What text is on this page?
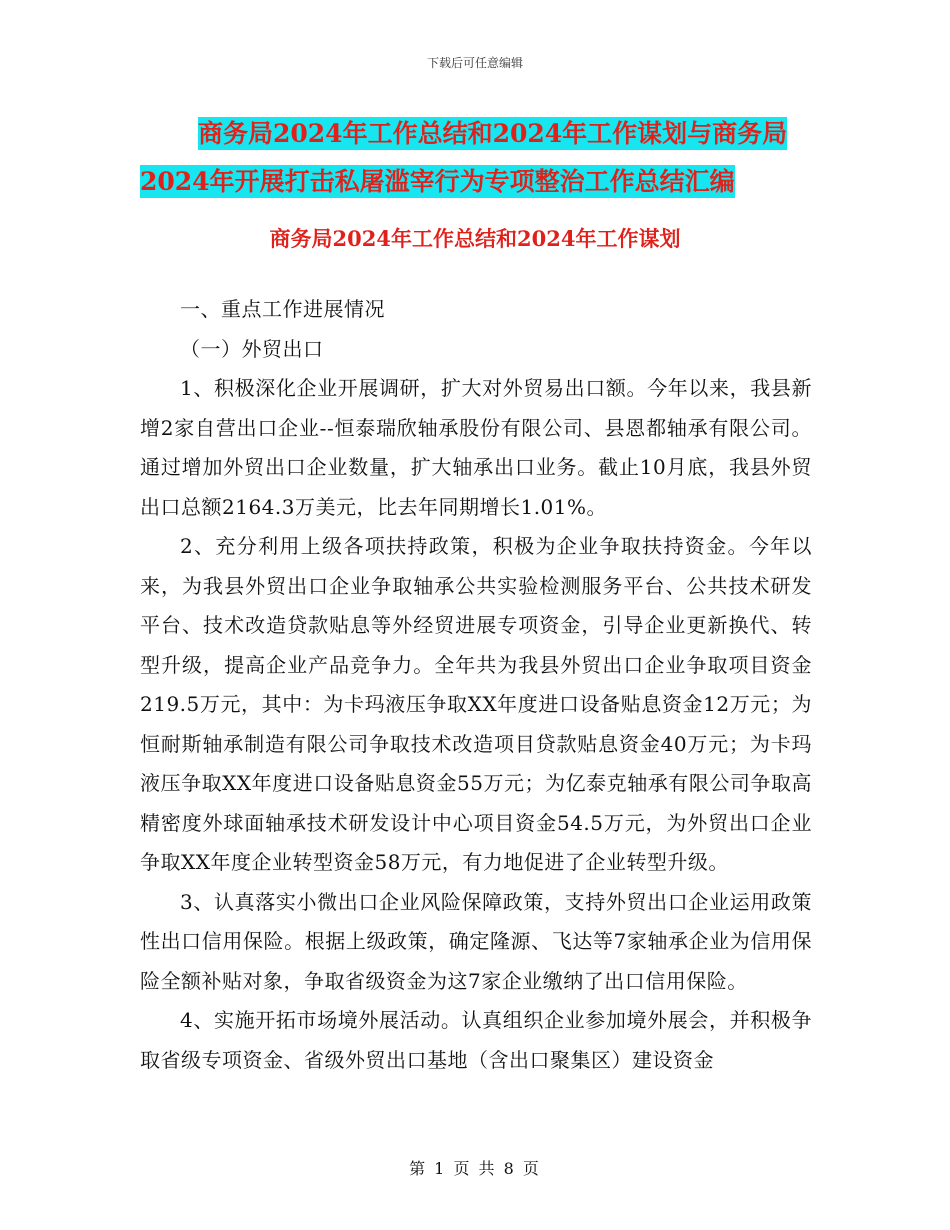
下载后可任意编辑
商务局2024年工作总结和2024年工作谋划与商务局
2024年开展打击私屠滥宰行为专项整治工作总结汇编
商务局2024年工作总结和2024年工作谋划

一、重点工作进展情况

（一）外贸出口

1、积极深化企业开展调研，扩大对外贸易出口额。今年以来，我县新增2家自营出口企业--恒泰瑞欣轴承股份有限公司、县恩都轴承有限公司。通过增加外贸出口企业数量，扩大轴承出口业务。截止10月底，我县外贸出口总额2164.3万美元，比去年同期增长1.01%。

2、充分利用上级各项扶持政策，积极为企业争取扶持资金。今年以来，为我县外贸出口企业争取轴承公共实验检测服务平台、公共技术研发平台、技术改造贷款贴息等外经贸进展专项资金，引导企业更新换代、转型升级，提高企业产品竞争力。全年共为我县外贸出口企业争取项目资金219.5万元，其中：为卡玛液压争取XX年度进口设备贴息资金12万元；为恒耐斯轴承制造有限公司争取技术改造项目贷款贴息资金40万元；为卡玛液压争取XX年度进口设备贴息资金55万元；为亿泰克轴承有限公司争取高精密度外球面轴承技术研发设计中心项目资金54.5万元，为外贸出口企业争取XX年度企业转型资金58万元，有力地促进了企业转型升级。

3、认真落实小微出口企业风险保障政策，支持外贸出口企业运用政策性出口信用保险。根据上级政策，确定隆源、飞达等7家轴承企业为信用保险全额补贴对象，争取省级资金为这7家企业缴纳了出口信用保险。

4、实施开拓市场境外展活动。认真组织企业参加境外展会，并积极争取省级专项资金、省级外贸出口基地（含出口聚集区）建设资金

第 1 页 共 8 页
